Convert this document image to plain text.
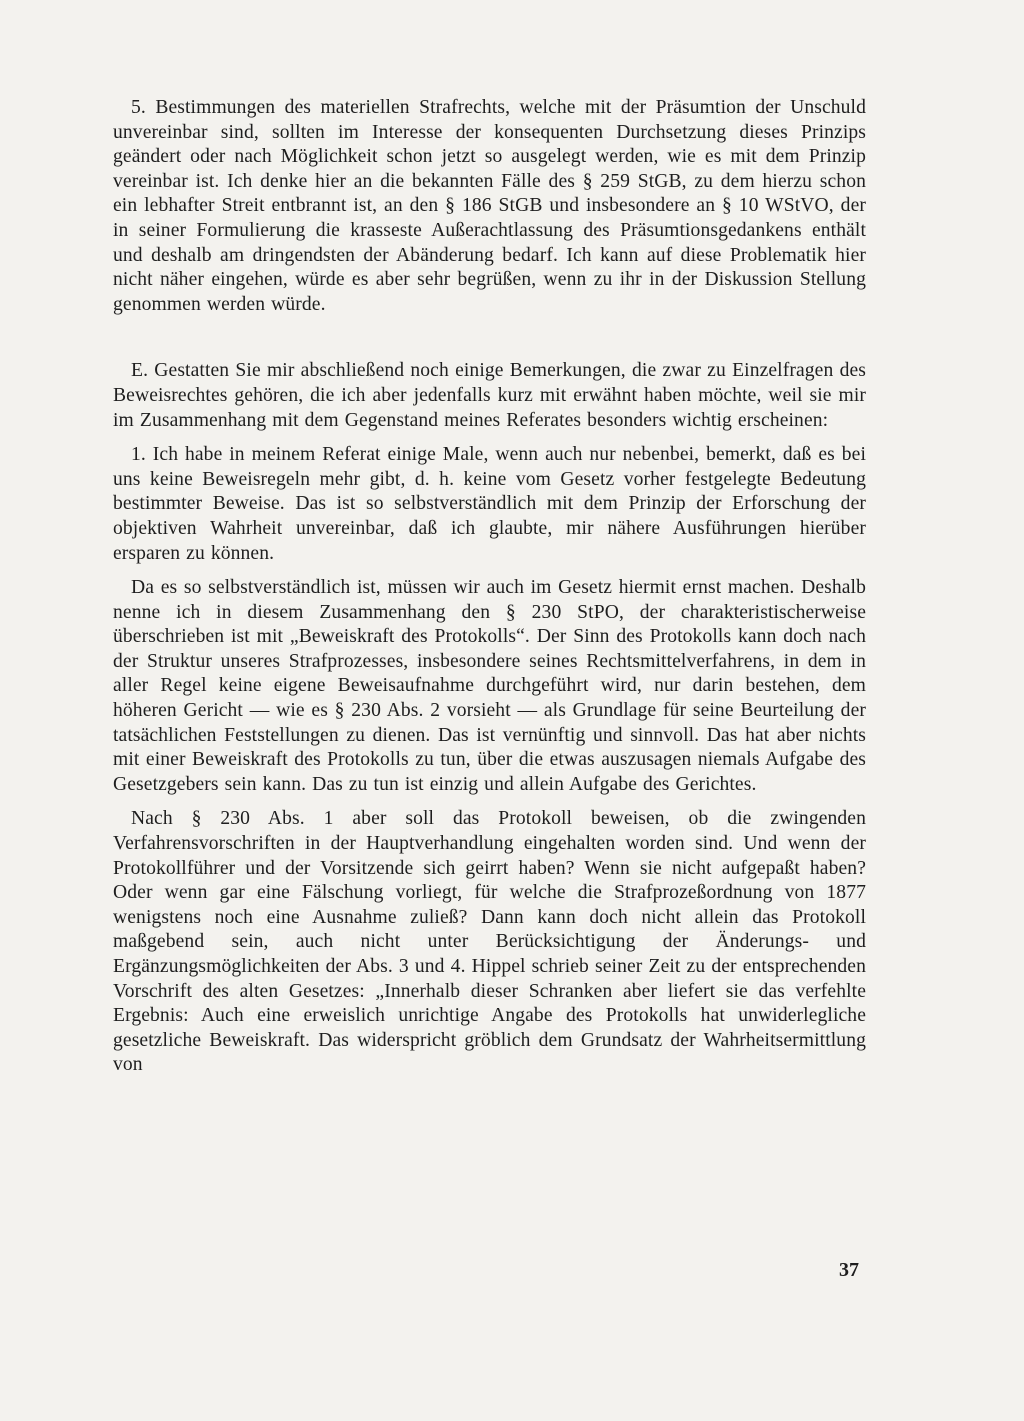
5. Bestimmungen des materiellen Strafrechts, welche mit der Präsumtion der Unschuld unvereinbar sind, sollten im Interesse der konsequenten Durchsetzung dieses Prinzips geändert oder nach Möglichkeit schon jetzt so ausgelegt werden, wie es mit dem Prinzip vereinbar ist. Ich denke hier an die bekannten Fälle des § 259 StGB, zu dem hierzu schon ein lebhafter Streit entbrannt ist, an den § 186 StGB und insbesondere an § 10 WStVO, der in seiner Formulierung die krasseste Außerachtlassung des Präsumtionsgedankens enthält und deshalb am dringendsten der Abänderung bedarf. Ich kann auf diese Problematik hier nicht näher eingehen, würde es aber sehr begrüßen, wenn zu ihr in der Diskussion Stellung genommen werden würde.

E. Gestatten Sie mir abschließend noch einige Bemerkungen, die zwar zu Einzelfragen des Beweisrechtes gehören, die ich aber jedenfalls kurz mit erwähnt haben möchte, weil sie mir im Zusammenhang mit dem Gegenstand meines Referates besonders wichtig erscheinen:

1. Ich habe in meinem Referat einige Male, wenn auch nur nebenbei, bemerkt, daß es bei uns keine Beweisregeln mehr gibt, d. h. keine vom Gesetz vorher festgelegte Bedeutung bestimmter Beweise. Das ist so selbstverständlich mit dem Prinzip der Erforschung der objektiven Wahrheit unvereinbar, daß ich glaubte, mir nähere Ausführungen hierüber ersparen zu können.

Da es so selbstverständlich ist, müssen wir auch im Gesetz hiermit ernst machen. Deshalb nenne ich in diesem Zusammenhang den § 230 StPO, der charakteristischerweise überschrieben ist mit „Beweiskraft des Protokolls“. Der Sinn des Protokolls kann doch nach der Struktur unseres Strafprozesses, insbesondere seines Rechtsmittelverfahrens, in dem in aller Regel keine eigene Beweisaufnahme durchgeführt wird, nur darin bestehen, dem höheren Gericht — wie es § 230 Abs. 2 vorsieht — als Grundlage für seine Beurteilung der tatsächlichen Feststellungen zu dienen. Das ist vernünftig und sinnvoll. Das hat aber nichts mit einer Beweiskraft des Protokolls zu tun, über die etwas auszusagen niemals Aufgabe des Gesetzgebers sein kann. Das zu tun ist einzig und allein Aufgabe des Gerichtes.

Nach § 230 Abs. 1 aber soll das Protokoll beweisen, ob die zwingenden Verfahrensvorschriften in der Hauptverhandlung eingehalten worden sind. Und wenn der Protokollführer und der Vorsitzende sich geirrt haben? Wenn sie nicht aufgepaßt haben? Oder wenn gar eine Fälschung vorliegt, für welche die Strafprozeßordnung von 1877 wenigstens noch eine Ausnahme zuließ? Dann kann doch nicht allein das Protokoll maßgebend sein, auch nicht unter Berücksichtigung der Änderungs- und Ergänzungsmöglichkeiten der Abs. 3 und 4. Hippel schrieb seiner Zeit zu der entsprechenden Vorschrift des alten Gesetzes: „Innerhalb dieser Schranken aber liefert sie das verfehlte Ergebnis: Auch eine erweislich unrichtige Angabe des Protokolls hat unwiderlegliche gesetzliche Beweiskraft. Das widerspricht gröblich dem Grundsatz der Wahrheitsermittlung von

37
